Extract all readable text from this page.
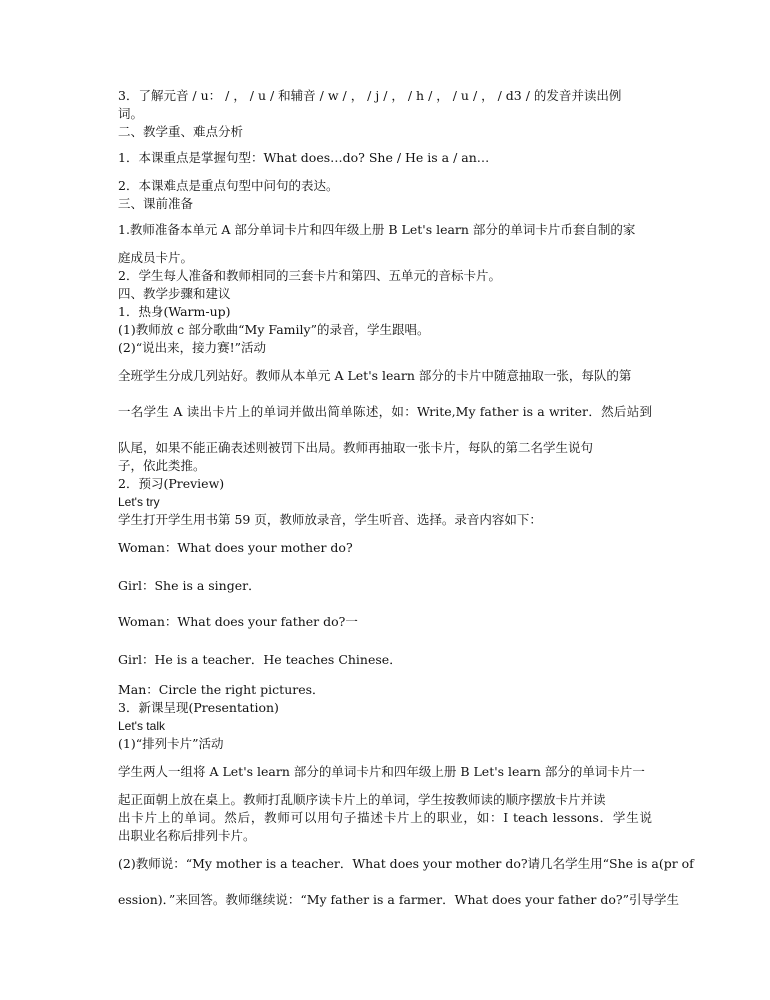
3．了解元音 / u： / ， / u / 和辅音 / w / ， / j / ， / h / ， / u / ， / d3 / 的发音并读出例
词。
二、教学重、难点分析
1．本课重点是掌握句型：What does…do? She / He is a / an…
2．本课难点是重点句型中问句的表达。
三、课前准备
1.教师准备本单元 A 部分单词卡片和四年级上册 B Let's learn 部分的单词卡片币套自制的家
庭成员卡片。
2．学生每人准备和教师相同的三套卡片和第四、五单元的音标卡片。
四、教学步骤和建议
1．热身(Warm-up)
(1)教师放 c 部分歌曲“My Family”的录音，学生跟唱。
(2)“说出来，接力赛!”活动
全班学生分成几列站好。教师从本单元 A Let's learn 部分的卡片中随意抽取一张，每队的第
一名学生 A 读出卡片上的单词并做出简单陈述，如：Write,My father is a writer．然后站到
队尾，如果不能正确表述则被罚下出局。教师再抽取一张卡片，每队的第二名学生说句
子，依此类推。
2．预习(Preview)
Let's try
学生打开学生用书第 59 页，教师放录音，学生听音、选择。录音内容如下：
Woman：What does your mother do?
Girl：She is a singer．
Woman：What does your father do?一
Girl：He is a teacher．He teaches Chinese．
Man：Circle the right pictures．
3．新课呈现(Presentation)
Let's talk
(1)“排列卡片”活动
学生两人一组将 A Let's learn 部分的单词卡片和四年级上册 B Let's learn 部分的单词卡片一
起正面朝上放在桌上。教师打乱顺序读卡片上的单词，学生按教师读的顺序摆放卡片并读
出卡片上的单词。然后，教师可以用句子描述卡片上的职业，如：I teach lessons．学生说
出职业名称后排列卡片。
(2)教师说：“My mother is a teacher．What does your mother do?请几名学生用“She is a(pr of
ession)．”来回答。教师继续说：“My father is a farmer．What does your father do?”引导学生
